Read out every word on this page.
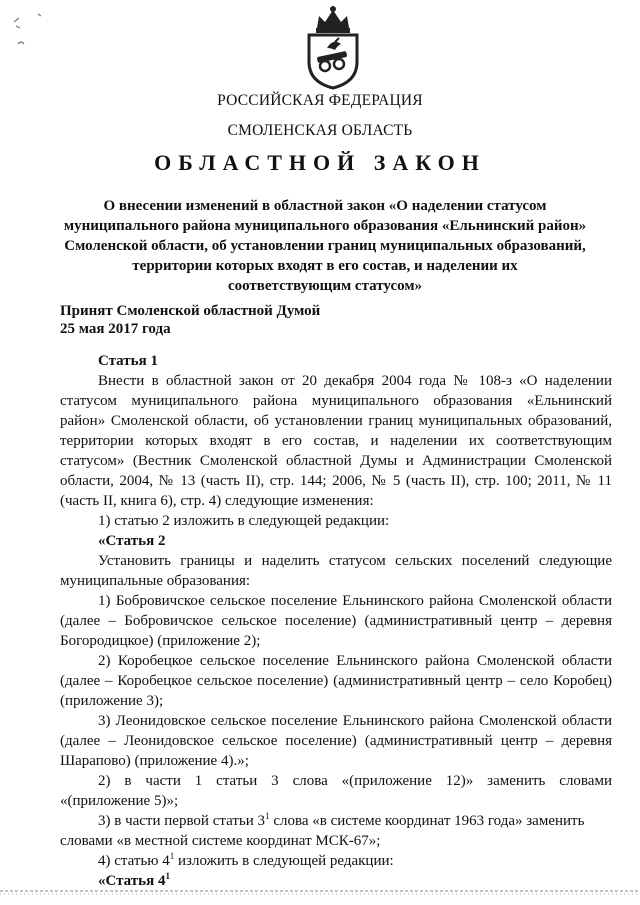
РОССИЙСКАЯ ФЕДЕРАЦИЯ
СМОЛЕНСКАЯ ОБЛАСТЬ
ОБЛАСТНОЙ ЗАКОН
О внесении изменений в областной закон «О наделении статусом
муниципального района муниципального образования «Ельнинский район»
Смоленской области, об установлении границ муниципальных образований,
территории которых входят в его состав, и наделении их
соответствующим статусом»
Принят Смоленской областной Думой
25 мая 2017 года
Статья 1
Внести в областной закон от 20 декабря 2004 года № 108-з «О наделении
статусом муниципального района муниципального образования «Ельнинский
район» Смоленской области, об установлении границ муниципальных образований,
территории которых входят в его состав, и наделении их соответствующим
статусом» (Вестник Смоленской областной Думы и Администрации Смоленской
области, 2004, № 13 (часть II), стр. 144; 2006, № 5 (часть II), стр. 100; 2011, № 11
(часть II, книга 6), стр. 4) следующие изменения:
1) статью 2 изложить в следующей редакции:
«Статья 2
Установить границы и наделить статусом сельских поселений следующие
муниципальные образования:
1) Бобровичское сельское поселение Ельнинского района Смоленской области
(далее – Бобровичское сельское поселение) (административный центр – деревня
Богородицкое) (приложение 2);
2) Коробецкое сельское поселение Ельнинского района Смоленской области
(далее – Коробецкое сельское поселение) (административный центр – село Коробец)
(приложение 3);
3) Леонидовское сельское поселение Ельнинского района Смоленской области
(далее – Леонидовское сельское поселение) (административный центр – деревня
Шарапово) (приложение 4).»;
2) в части 1 статьи 3 слова «(приложение 12)» заменить словами
«(приложение 5)»;
3) в части первой статьи $3^1$ слова «в системе координат 1963 года» заменить
словами «в местной системе координат МСК-67»;
4) статью $4^1$ изложить в следующей редакции:
«Статья $4^1$
